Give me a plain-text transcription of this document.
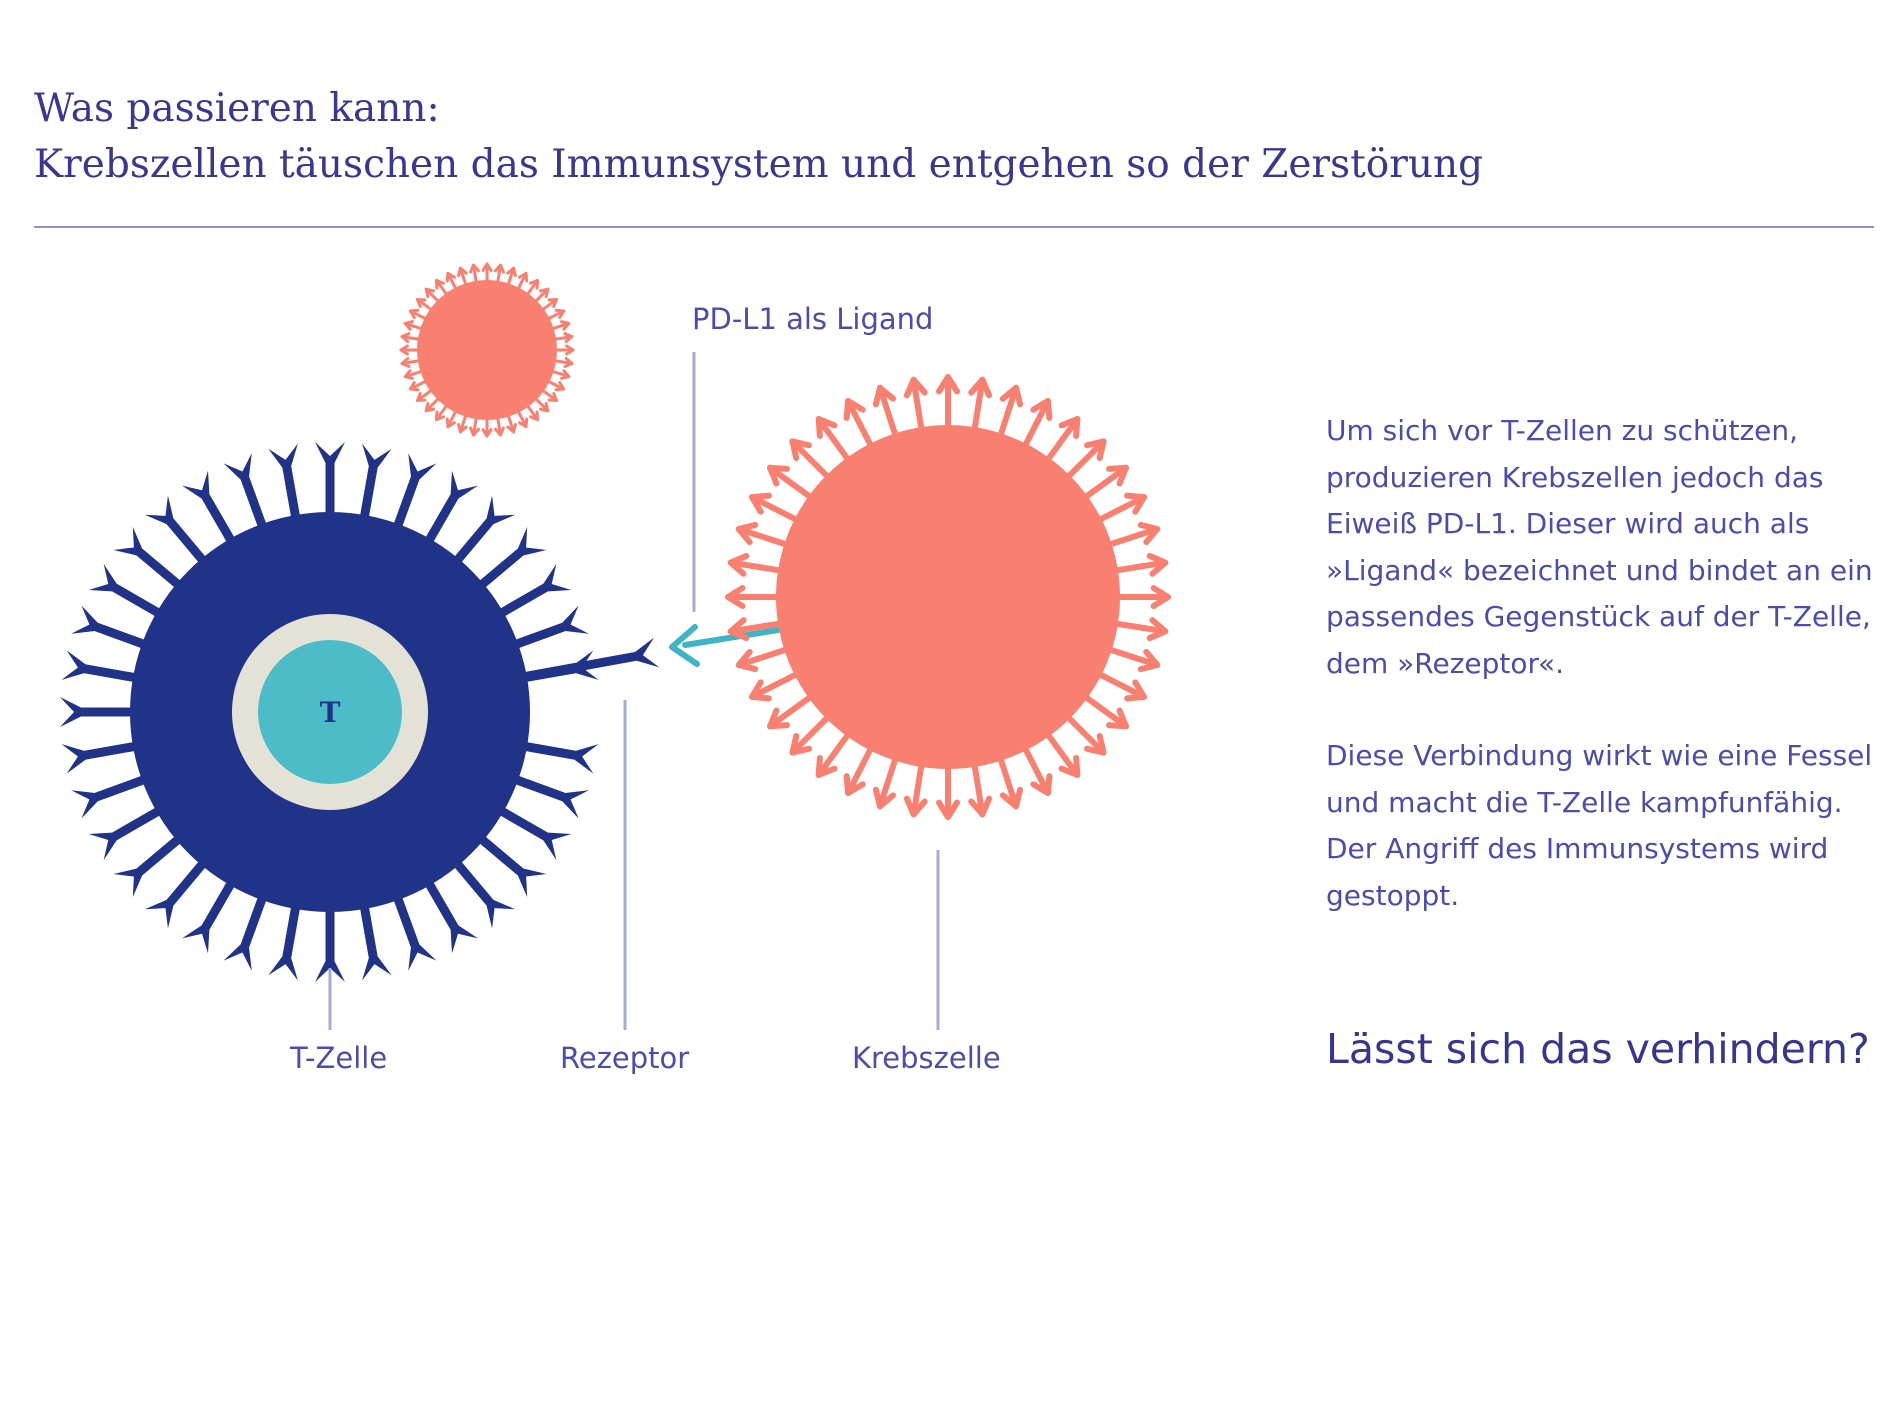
Was passieren kann:
Krebszellen täuschen das Immunsystem und entgehen so der Zerstörung
T
PD-L1 als Ligand
T-Zelle	Rezeptor	Krebszelle

Um sich vor T-Zellen zu schützen, produzieren Krebszellen jedoch das Eiweiß PD-L1. Dieser wird auch als »Ligand« bezeichnet und bindet an ein passendes Gegenstück auf der T-Zelle, dem »Rezeptor«.

Diese Verbindung wirkt wie eine Fessel und macht die T-Zelle kampfunfähig. Der Angriff des Immunsystems wird gestoppt.

Lässt sich das verhindern?
